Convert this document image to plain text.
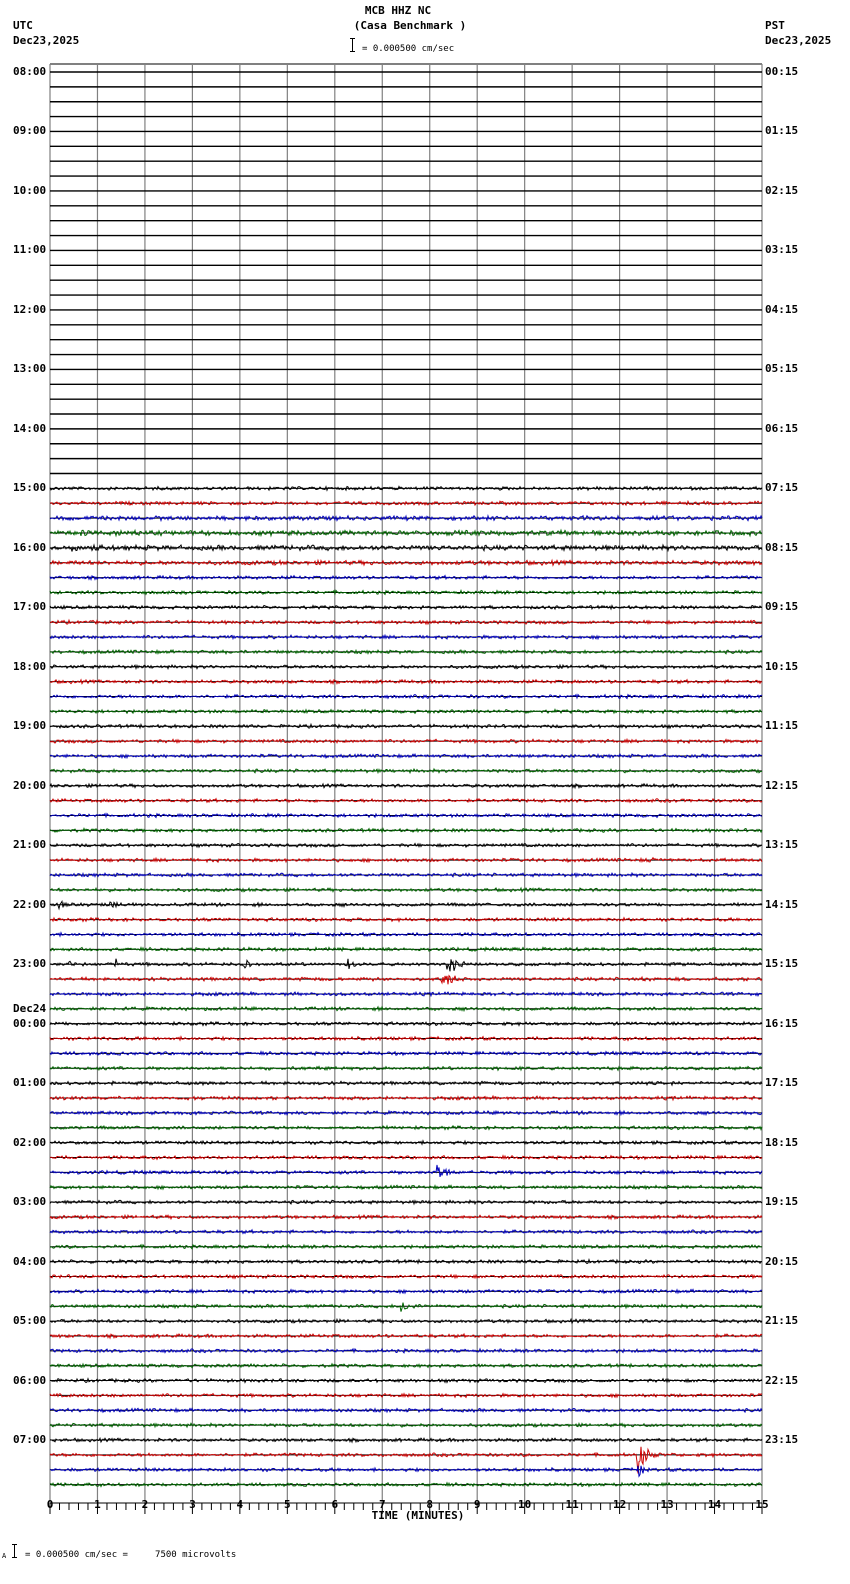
UTC
Dec23,2025
MCB HHZ NC
(Casa Benchmark )
= 0.000500 cm/sec
PST
Dec23,2025
TIME (MINUTES)
A = 0.000500 cm/sec =     7500 microvolts
0	1	2	3	4	5	6	7	8	9	10	11	12	13	14	15
08:00
09:00
10:00
11:00
12:00
13:00
14:00
15:00
16:00
17:00
18:00
19:00
20:00
21:00
22:00
23:00
Dec24
00:00
01:00
02:00
03:00
04:00
05:00
06:00
07:00
00:15
01:15
02:15
03:15
04:15
05:15
06:15
07:15
08:15
09:15
10:15
11:15
12:15
13:15
14:15
15:15
16:15
17:15
18:15
19:15
20:15
21:15
22:15
23:15
